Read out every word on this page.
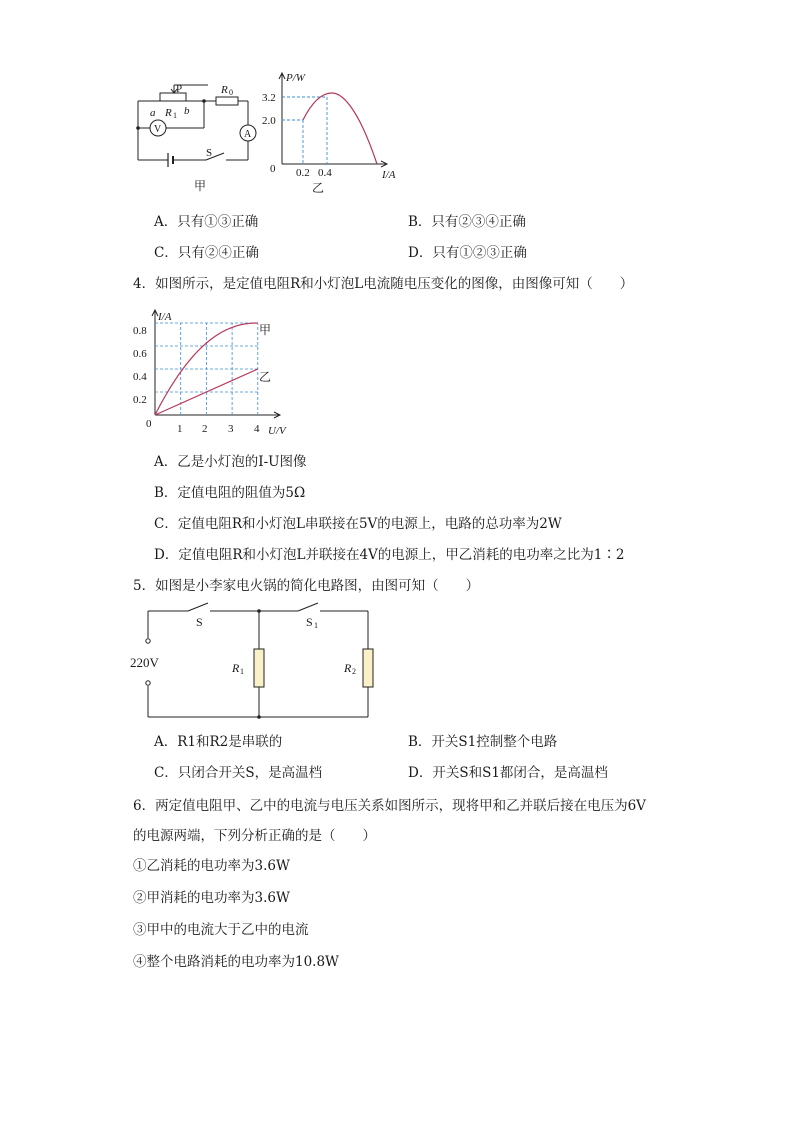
P
a	b
R 1
R 0
V	A
S
甲
P/W
3.2
2.0
0 0.2 0.4	I/A
乙
A．只有①③正确	B．只有②③④正确
C．只有②④正确	D．只有①②③正确
4．如图所示，是定值电阻R和小灯泡L电流随电压变化的图像，由图像可知（　　）
I/A
0.8
0.6
0.4
0.2
0 1 2 3 4 U/V
甲
乙
A．乙是小灯泡的I-U图像
B．定值电阻的阻值为5Ω
C．定值电阻R和小灯泡L串联接在5V的电源上，电路的总功率为2W
D．定值电阻R和小灯泡L并联接在4V的电源上，甲乙消耗的电功率之比为1∶2
5．如图是小李家电火锅的简化电路图，由图可知（　　）
S	S 1
220V	R 1	R 2
A．R1和R2是串联的	B．开关S1控制整个电路
C．只闭合开关S，是高温档	D．开关S和S1都闭合，是高温档
6．两定值电阻甲、乙中的电流与电压关系如图所示，现将甲和乙并联后接在电压为6V
的电源两端，下列分析正确的是（　　）
①乙消耗的电功率为3.6W
②甲消耗的电功率为3.6W
③甲中的电流大于乙中的电流
④整个电路消耗的电功率为10.8W
